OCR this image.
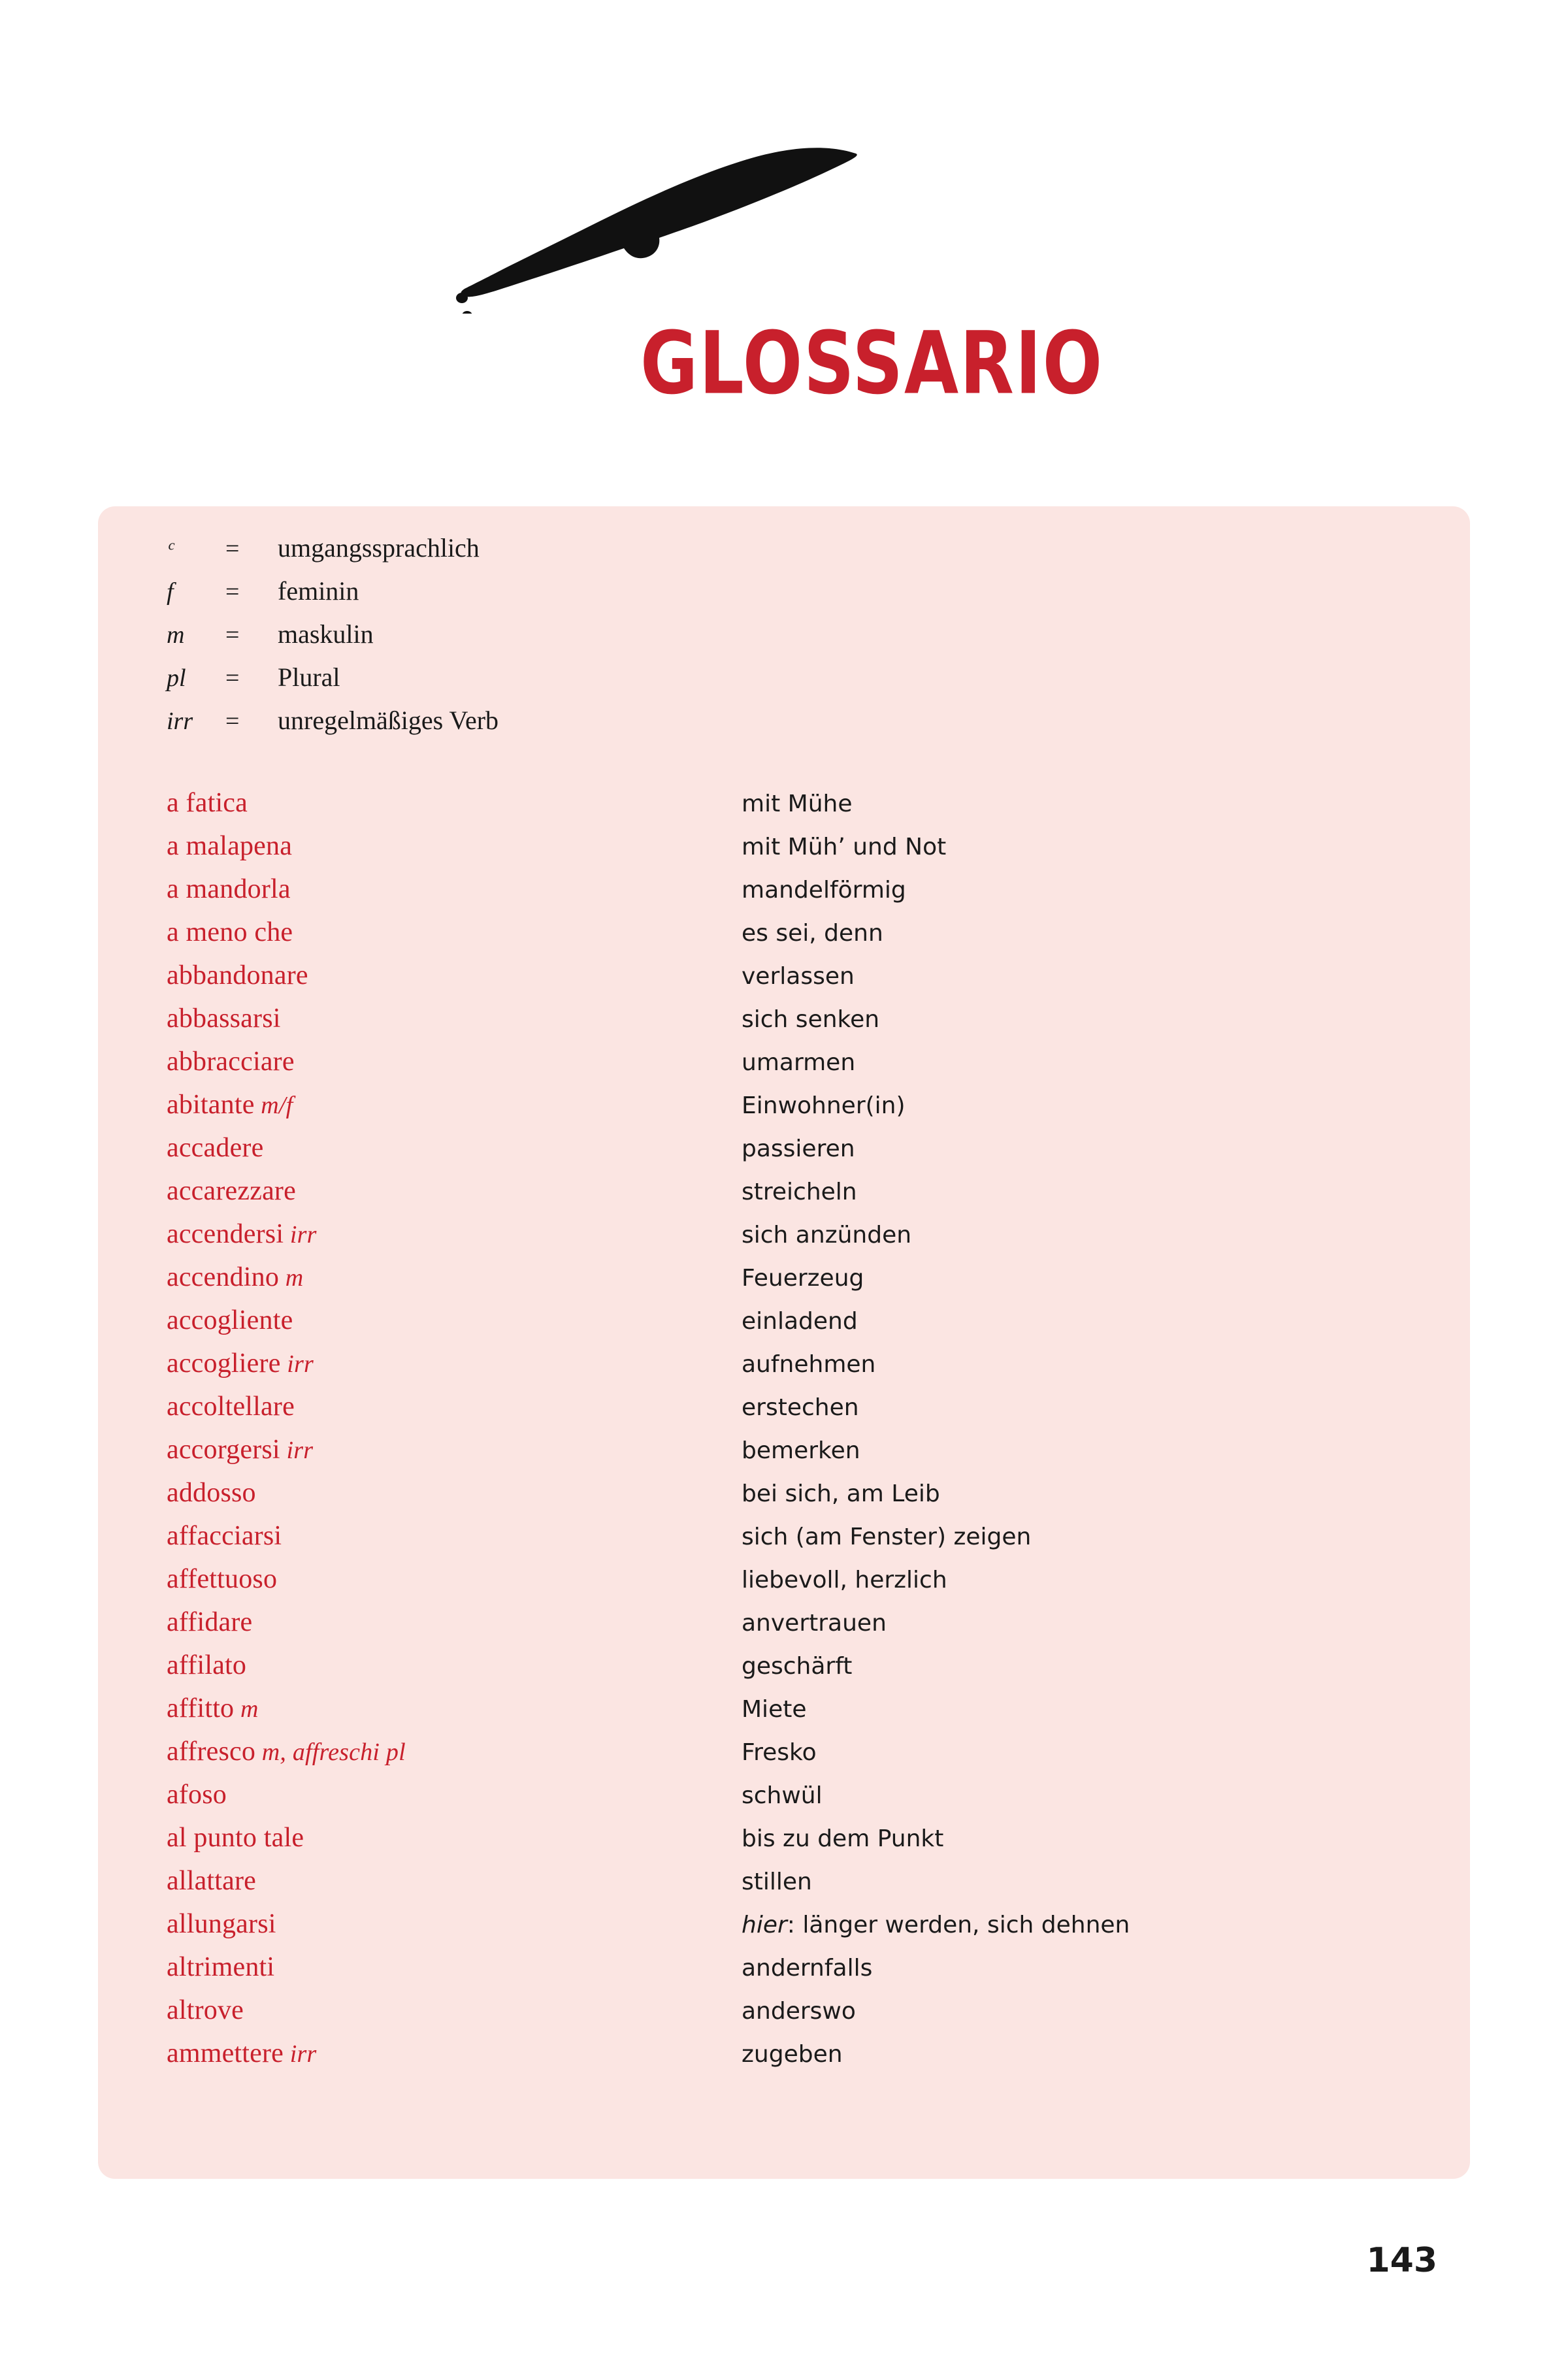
GLOSSARIO
ᶜ	=	umgangssprachlich
f	=	feminin
m	=	maskulin
pl	=	Plural
irr	=	unregelmäßiges Verb
a fatica	mit Mühe
a malapena	mit Müh’ und Not
a mandorla	mandelförmig
a meno che	es sei, denn
abbandonare	verlassen
abbassarsi	sich senken
abbracciare	umarmen
abitante m/f	Einwohner(in)
accadere	passieren
accarezzare	streicheln
accendersi irr	sich anzünden
accendino m	Feuerzeug
accogliente	einladend
accogliere irr	aufnehmen
accoltellare	erstechen
accorgersi irr	bemerken
addosso	bei sich, am Leib
affacciarsi	sich (am Fenster) zeigen
affettuoso	liebevoll, herzlich
affidare	anvertrauen
affilato	geschärft
affitto m	Miete
affresco m, affreschi pl	Fresko
afoso	schwül
al punto tale	bis zu dem Punkt
allattare	stillen
allungarsi	hier: länger werden, sich dehnen
altrimenti	andernfalls
altrove	anderswo
ammettere irr	zugeben
143
